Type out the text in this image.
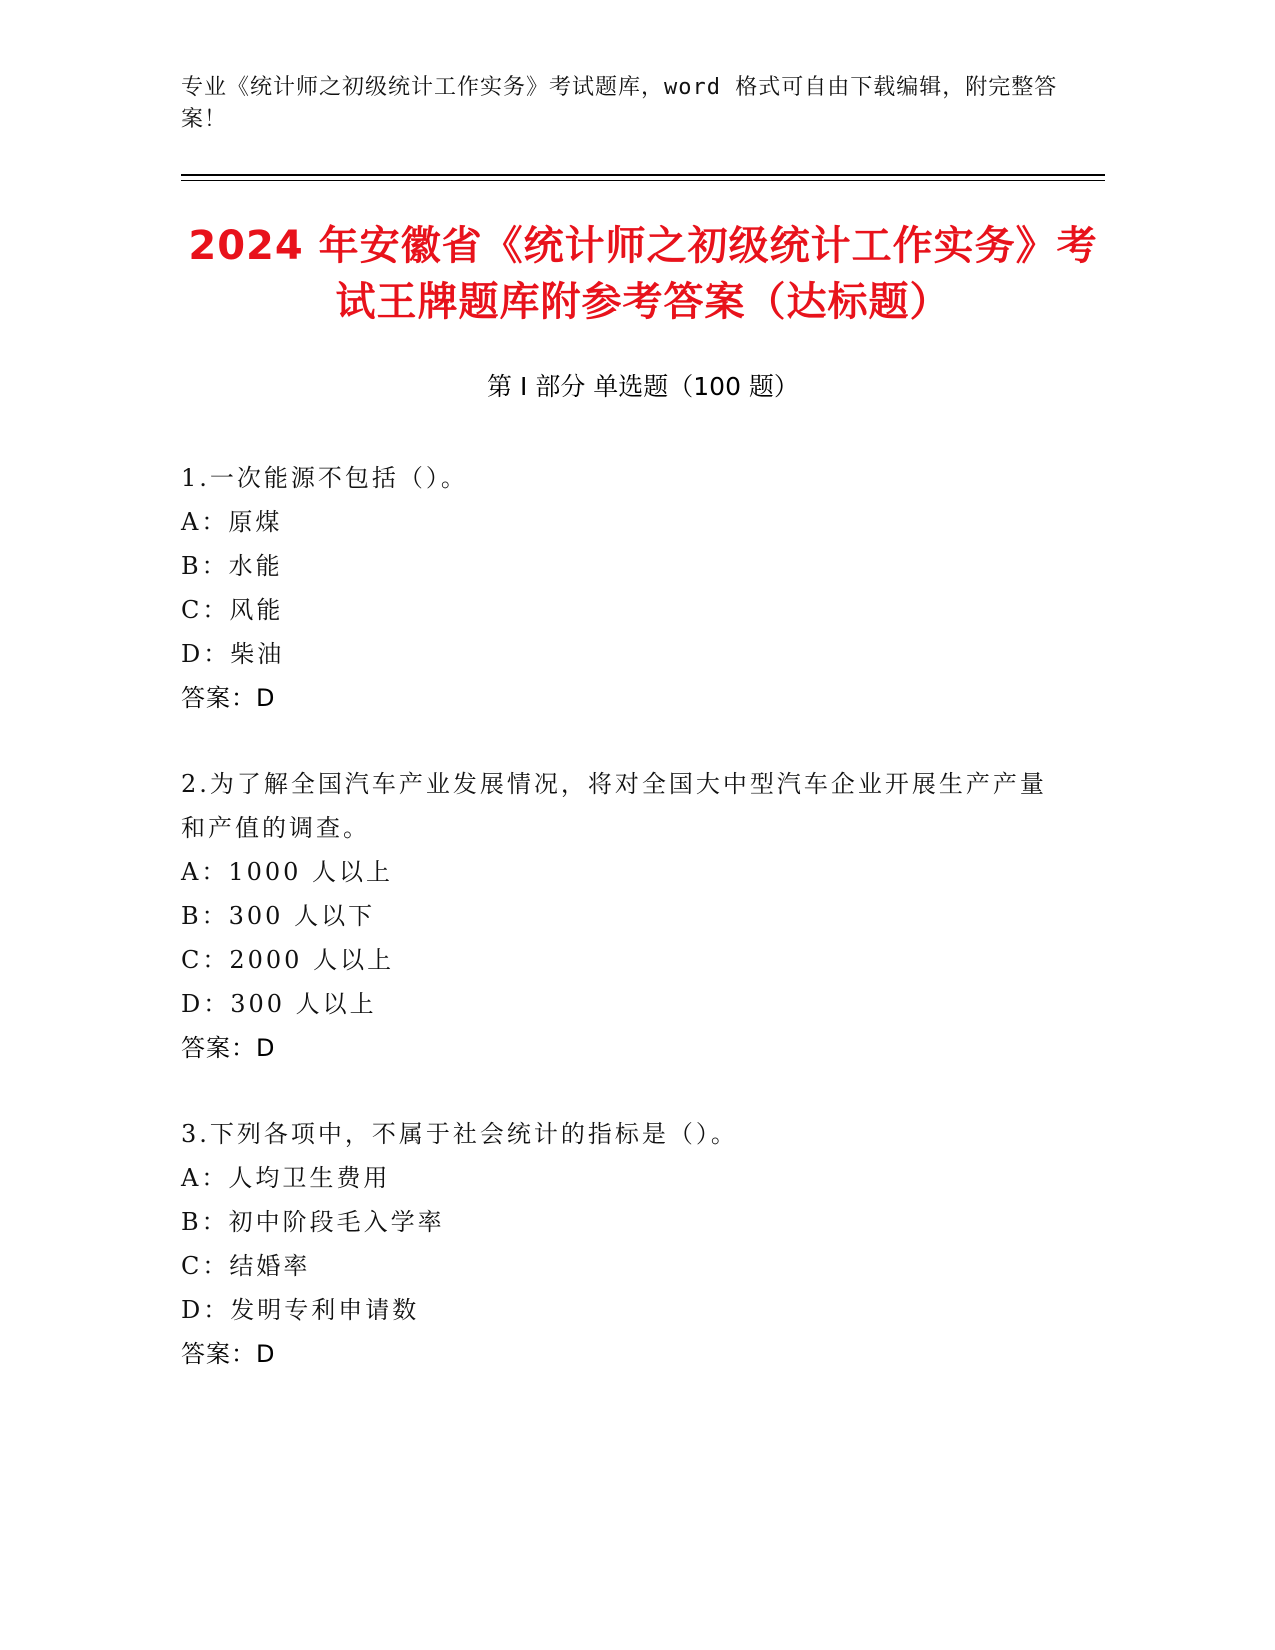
专业《统计师之初级统计工作实务》考试题库，word 格式可自由下载编辑，附完整答案！
2024 年安徽省《统计师之初级统计工作实务》考试王牌题库附参考答案（达标题）
第 I 部分 单选题（100 题）

1.一次能源不包括（）。

A：原煤

B：水能

C：风能

D：柴油

答案：D

2.为了解全国汽车产业发展情况，将对全国大中型汽车企业开展生产产量和产值的调查。

A：1000 人以上

B：300 人以下

C：2000 人以上

D：300 人以上

答案：D

3.下列各项中，不属于社会统计的指标是（）。

A：人均卫生费用

B：初中阶段毛入学率

C：结婚率

D：发明专利申请数

答案：D
